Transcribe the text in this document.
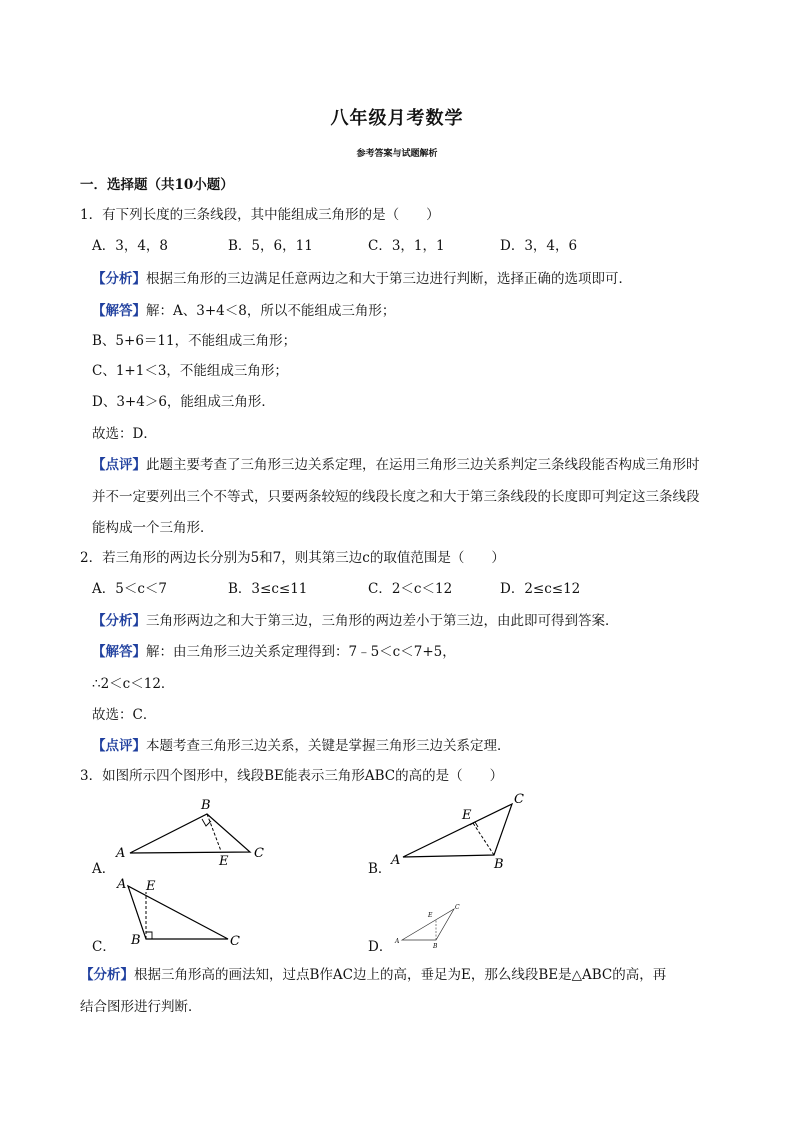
八年级月考数学
参考答案与试题解析
一．选择题（共10小题）
1．有下列长度的三条线段，其中能组成三角形的是（　　）
A．3，4，8	B．5，6，11	C．3，1，1	D．3，4，6
【分析】根据三角形的三边满足任意两边之和大于第三边进行判断，选择正确的选项即可．
【解答】解：A、3+4＜8，所以不能组成三角形；
B、5+6＝11，不能组成三角形；
C、1+1＜3，不能组成三角形；
D、3+4＞6，能组成三角形．
故选：D．
【点评】此题主要考查了三角形三边关系定理，在运用三角形三边关系判定三条线段能否构成三角形时
并不一定要列出三个不等式，只要两条较短的线段长度之和大于第三条线段的长度即可判定这三条线段
能构成一个三角形．
2．若三角形的两边长分别为5和7，则其第三边c的取值范围是（　　）
A．5＜c＜7	B．3≤c≤11	C．2＜c＜12	D．2≤c≤12
【分析】三角形两边之和大于第三边，三角形的两边差小于第三边，由此即可得到答案．
【解答】解：由三角形三边关系定理得到：7﹣5＜c＜7+5，
∴2＜c＜12．
故选：C．
【点评】本题考查三角形三边关系，关键是掌握三角形三边关系定理．
3．如图所示四个图形中，线段BE能表示三角形ABC的高的是（　　）
A．
A
B
C
E	B．
A
C
B
E
C．
A E
B	C	D． A
C
E
B
【分析】根据三角形高的画法知，过点B作AC边上的高，垂足为E，那么线段BE是△ABC的高，再
结合图形进行判断．
